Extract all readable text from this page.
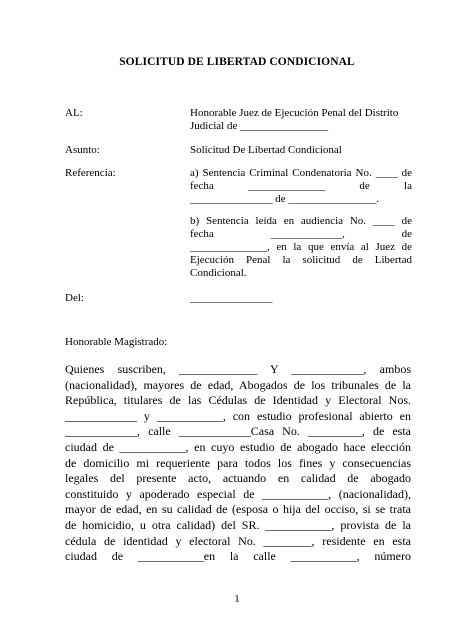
SOLICITUD DE LIBERTAD CONDICIONAL
AL:	Honorable Juez de Ejecución Penal del Distrito
Judicial de ________________
Asunto:	Solicitud De Libertad Condicional
Referencia:	a) Sentencia Criminal Condenatoria No. ____ de
fecha ______________ de la
_______________ de ________________.
b) Sentencia leída en audiencia No. ____ de
fecha _____________, de
______________, en la que envía al Juez de
Ejecución Penal la solicitud de Libertad
Condicional.
Del:	_______________
Honorable Magistrado:
Quienes suscriben, _____________ Y ____________, ambos
(nacionalidad), mayores de edad, Abogados de los tribunales de la
República, titulares de las Cédulas de Identidad y Electoral Nos.
____________ y ___________, con estudio profesional abierto en
____________, calle ____________Casa No. _________, de esta
ciudad de ___________, en cuyo estudio de abogado hace elección
de domicilio mi requeriente para todos los fines y consecuencias
legales del presente acto, actuando en calidad de abogado
constituido y apoderado especial de ___________, (nacionalidad),
mayor de edad, en su calidad de (esposa o hija del occiso, si se trata
de homicidio, u otra calidad) del SR. ___________, provista de la
cédula de identidad y electoral No. ________, residente en esta
ciudad de ___________en la calle ___________, número
1
